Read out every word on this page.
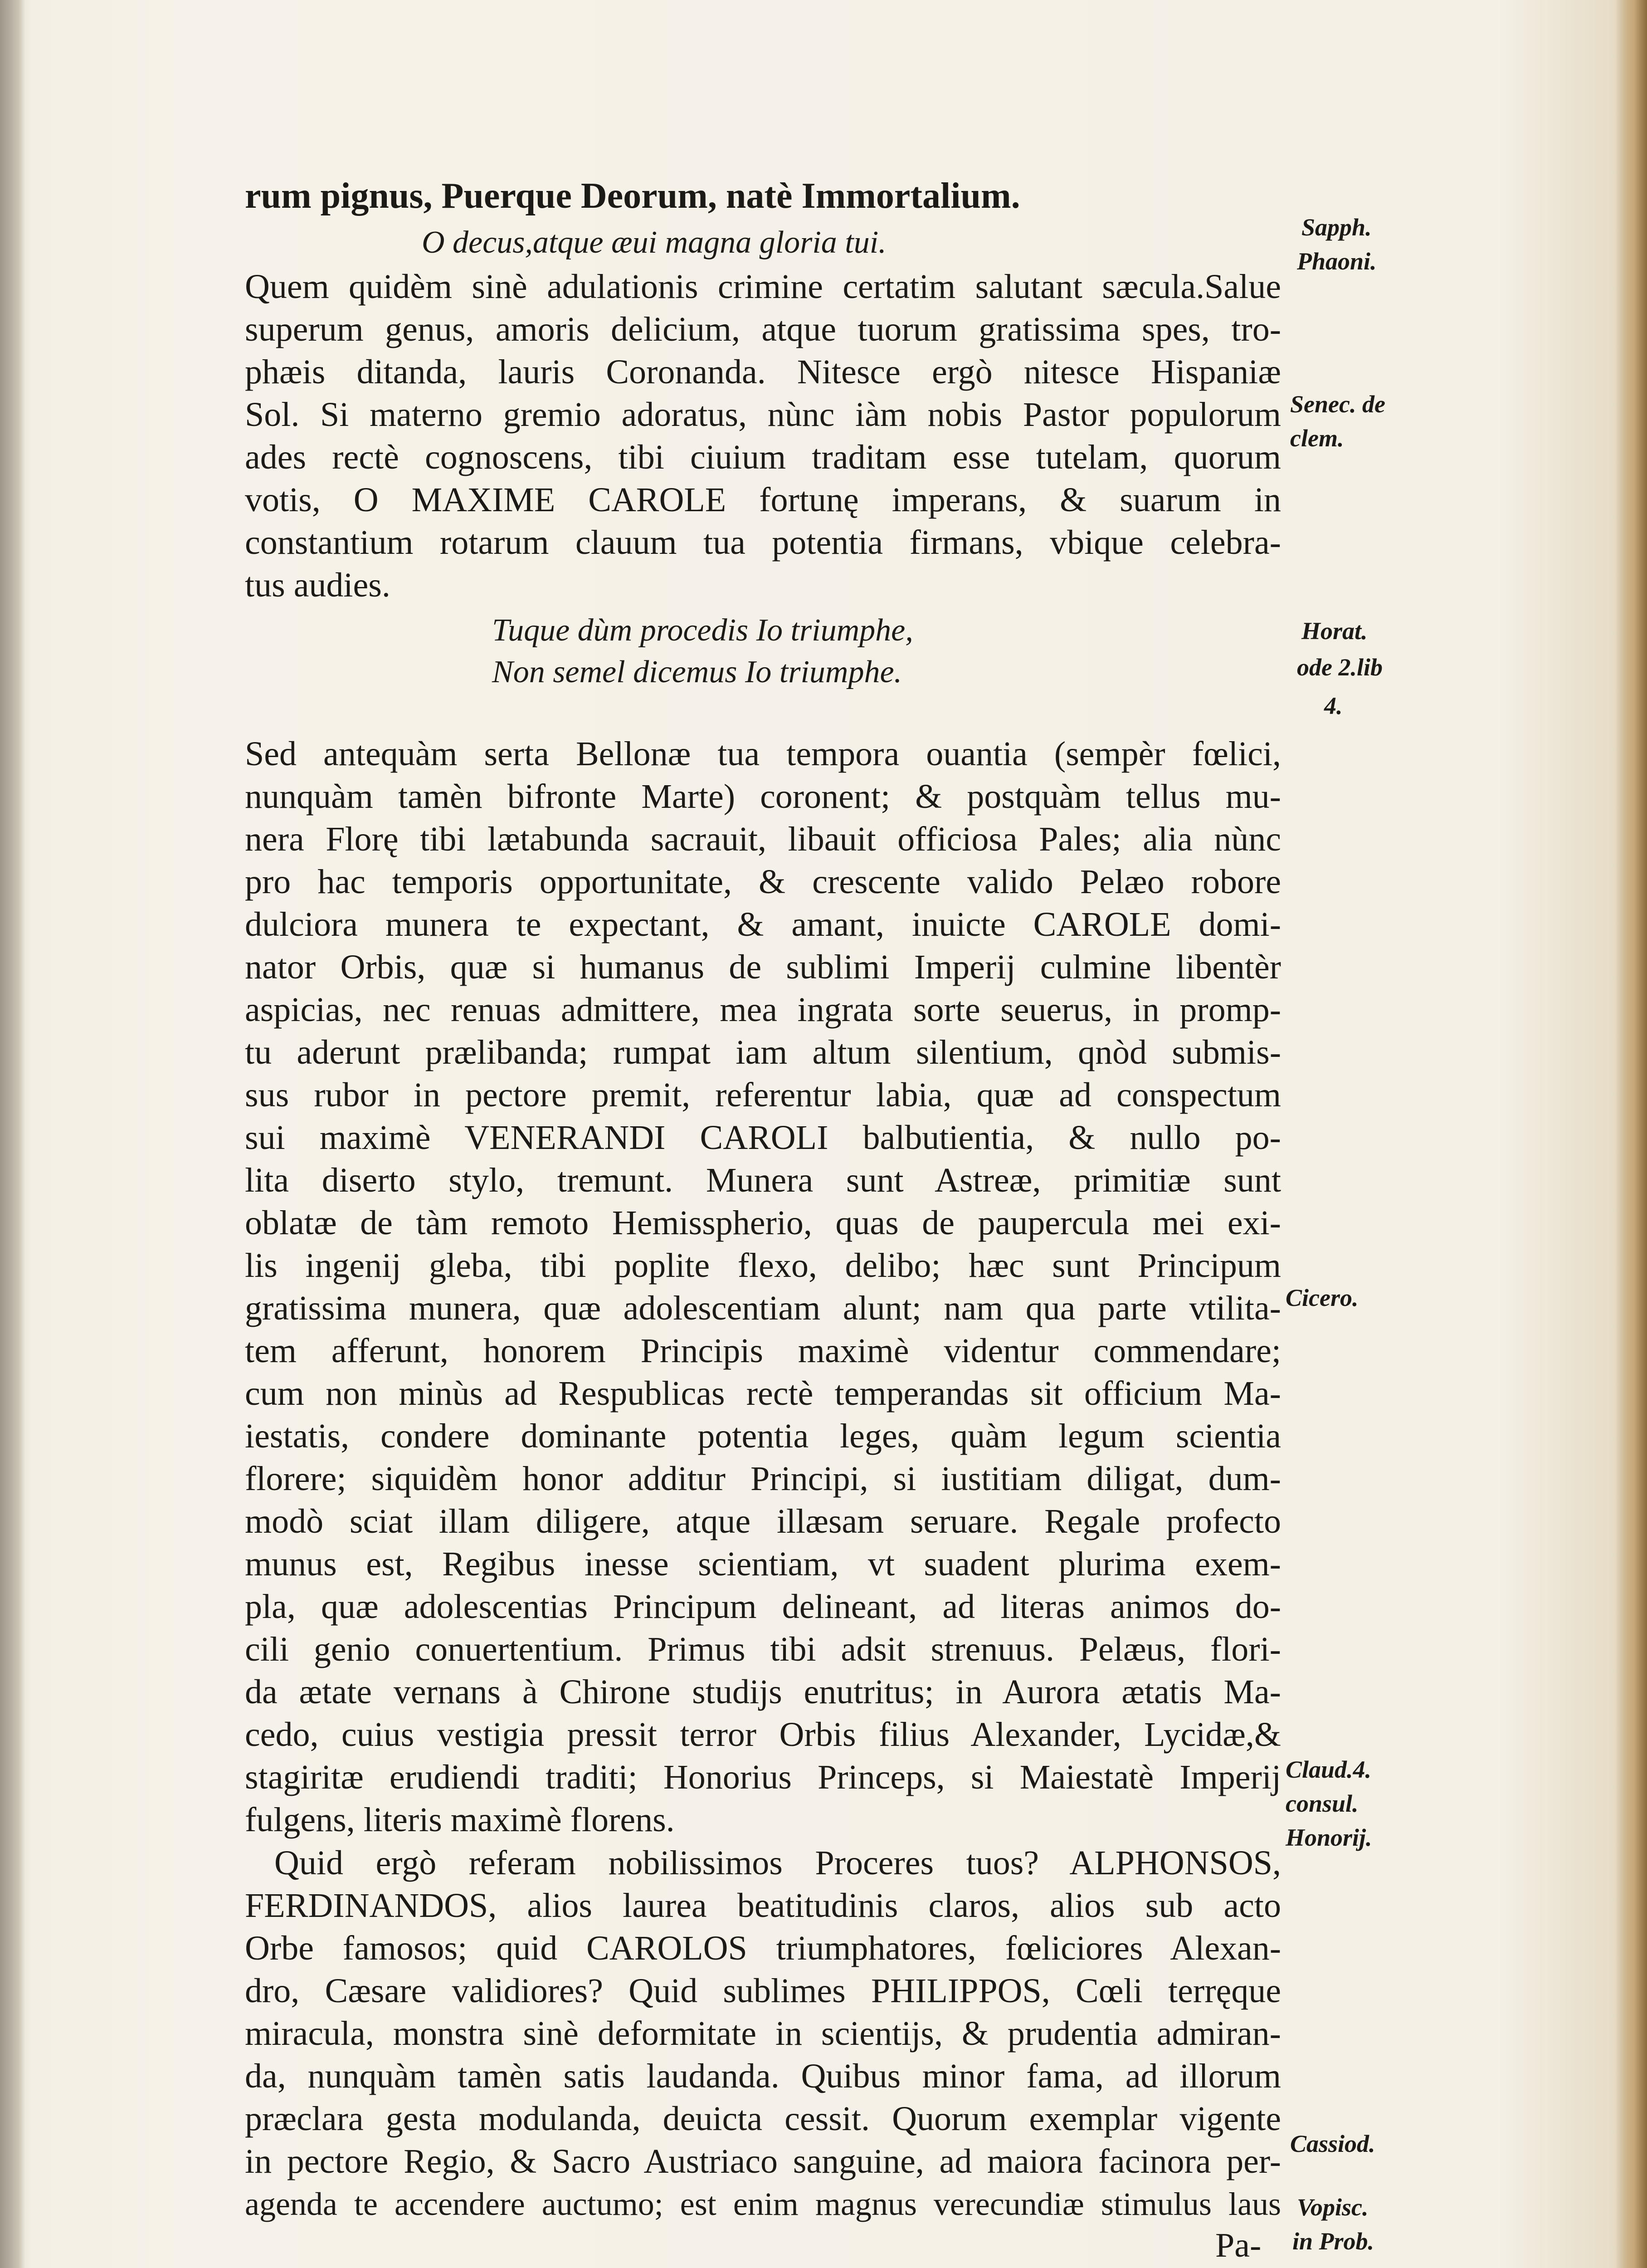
rum pignus, Puerque Deorum, natè Immortalium.
O decus,atque æui magna gloria tui.
Quem quidèm sinè adulationis crimine certatim salutant sæcula.Salue
superum genus, amoris delicium, atque tuorum gratissima spes, tro-
phæis ditanda, lauris Coronanda. Nitesce ergò nitesce Hispaniæ
Sol. Si materno gremio adoratus, nùnc iàm nobis Pastor populorum
ades rectè cognoscens, tibi ciuium traditam esse tutelam, quorum
votis, O MAXIME CAROLE fortunę imperans, & suarum in
constantium rotarum clauum tua potentia firmans, vbique celebra-
tus audies.
Tuque dùm procedis Io triumphe,
Non semel dicemus Io triumphe.
Sed antequàm serta Bellonæ tua tempora ouantia (sempèr fœlici,
nunquàm tamèn bifronte Marte) coronent; & postquàm tellus mu-
nera Florę tibi lætabunda sacrauit, libauit officiosa Pales; alia nùnc
pro hac temporis opportunitate, & crescente valido Pelæo robore
dulciora munera te expectant, & amant, inuicte CAROLE domi-
nator Orbis, quæ si humanus de sublimi Imperij culmine libentèr
aspicias, nec renuas admittere, mea ingrata sorte seuerus, in promp-
tu aderunt prælibanda; rumpat iam altum silentium, qnòd submis-
sus rubor in pectore premit, referentur labia, quæ ad conspectum
sui maximè VENERANDI CAROLI balbutientia, & nullo po-
lita diserto stylo, tremunt. Munera sunt Astreæ, primitiæ sunt
oblatæ de tàm remoto Hemisspherio, quas de paupercula mei exi-
lis ingenij gleba, tibi poplite flexo, delibo; hæc sunt Principum
gratissima munera, quæ adolescentiam alunt; nam qua parte vtilita-
tem afferunt, honorem Principis maximè videntur commendare;
cum non minùs ad Respublicas rectè temperandas sit officium Ma-
iestatis, condere dominante potentia leges, quàm legum scientia
florere; siquidèm honor additur Principi, si iustitiam diligat, dum-
modò sciat illam diligere, atque illæsam seruare. Regale profecto
munus est, Regibus inesse scientiam, vt suadent plurima exem-
pla, quæ adolescentias Principum delineant, ad literas animos do-
cili genio conuertentium. Primus tibi adsit strenuus. Pelæus, flori-
da ætate vernans à Chirone studijs enutritus; in Aurora ætatis Ma-
cedo, cuius vestigia pressit terror Orbis filius Alexander, Lycidæ,&
stagiritæ erudiendi traditi; Honorius Princeps, si Maiestatè Imperij
fulgens, literis maximè florens.
Quid ergò referam nobilissimos Proceres tuos? ALPHONSOS,
FERDINANDOS, alios laurea beatitudinis claros, alios sub acto
Orbe famosos; quid CAROLOS triumphatores, fœliciores Alexan-
dro, Cæsare validiores? Quid sublimes PHILIPPOS, Cœli terręque
miracula, monstra sinè deformitate in scientijs, & prudentia admiran-
da, nunquàm tamèn satis laudanda. Quibus minor fama, ad illorum
præclara gesta modulanda, deuicta cessit. Quorum exemplar vigente
in pectore Regio, & Sacro Austriaco sanguine, ad maiora facinora per-
agenda te accendere auctumo; est enim magnus verecundiæ stimulus laus
Pa-
Sapph.
Phaoni.
Senec. de
clem.
Horat.
ode 2.lib
4.
Cicero.
Claud.4.
consul.
Honorij.
Cassiod.
Vopisc.
in Prob.
